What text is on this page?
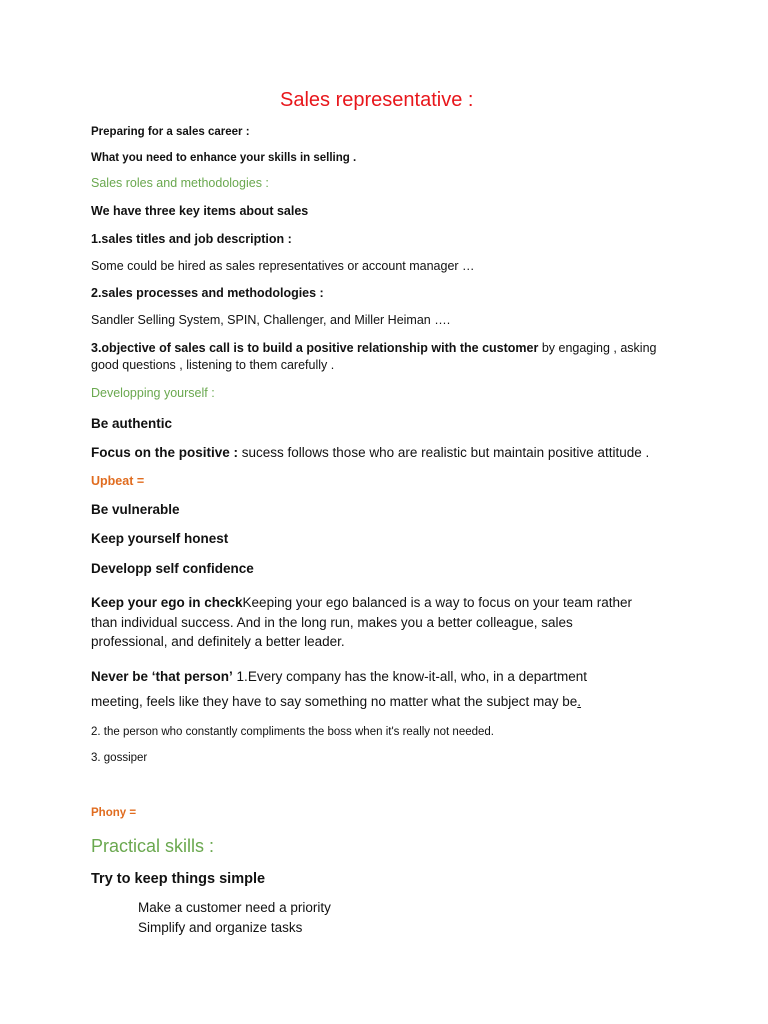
Sales representative :
Preparing for a sales career :
What you need to enhance your skills in selling .
Sales roles and methodologies :
We have three key items about sales
1.sales titles and job description :
Some could be hired as sales representatives or account manager …
2.sales processes and methodologies :
Sandler Selling System, SPIN, Challenger, and Miller Heiman ….
3.objective of sales call is to build a positive relationship with the customer by engaging , asking
good questions , listening to them carefully .
Developping yourself :
Be authentic
Focus on the positive : sucess follows those who are realistic but maintain positive attitude .
Upbeat =
Be vulnerable
Keep yourself honest
Developp self confidence
Keep your ego in checkKeeping your ego balanced is a way to focus on your team rather
than individual success. And in the long run, makes you a better colleague, sales
professional, and definitely a better leader.
Never be ‘that person’ 1.Every company has the know-it-all, who, in a department
meeting, feels like they have to say something no matter what the subject may be.
2. the person who constantly compliments the boss when it's really not needed.
3. gossiper
Phony =
Practical skills :
Try to keep things simple
Make a customer need a priority
Simplify and organize tasks
